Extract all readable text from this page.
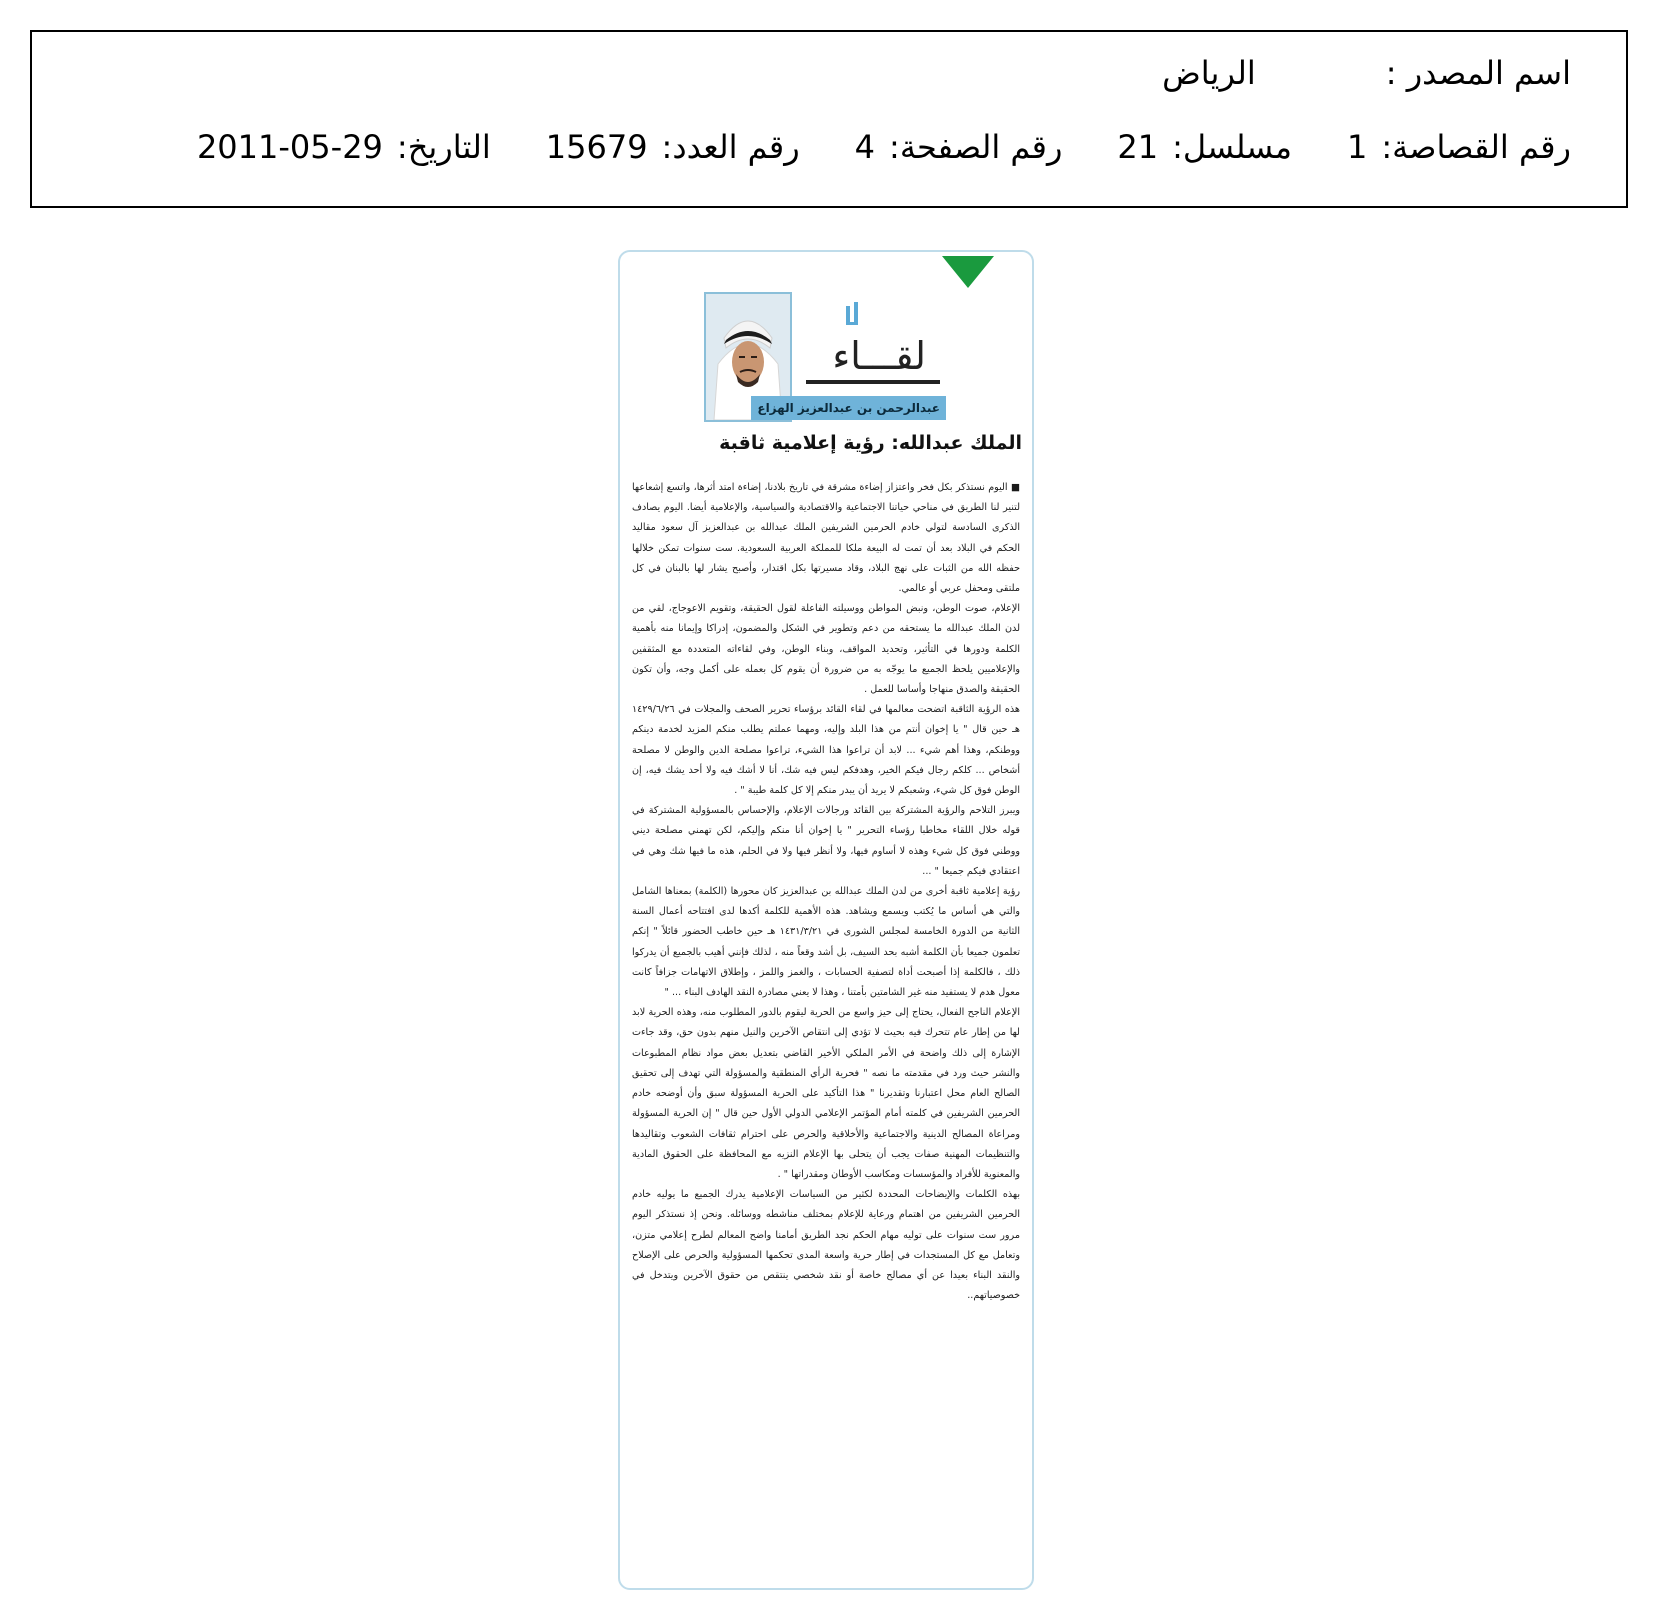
اسم المصدر :
الرياض
التاريخ:
2011-05-29	رقم العدد:
15679	رقم الصفحة:
4	مسلسل:
21	رقم القصاصة:
1
لقـــاء
عبدالرحمن بن عبدالعزيز الهزاع
الملك عبدالله: رؤية إعلامية ثاقبة

■ اليوم نستذكر بكل فخر واعتزاز إضاءة مشرقة في تاريخ بلادنا، إضاءة امتد أثرها، واتسع إشعاعها لتنير لنا الطريق في مناحي حياتنا الاجتماعية والاقتصادية والسياسية، والإعلامية أيضا. اليوم يصادف الذكرى السادسة لتولي خادم الحرمين الشريفين الملك عبدالله بن عبدالعزيز آل سعود مقاليد الحكم في البلاد بعد أن تمت له البيعة ملكا للمملكة العربية السعودية. ست سنوات تمكن خلالها حفظه الله من الثبات على نهج البلاد، وقاد مسيرتها بكل اقتدار، وأصبح يشار لها بالبنان في كل ملتقى ومحفل عربي أو عالمي.

الإعلام، صوت الوطن، ونبض المواطن ووسيلته الفاعلة لقول الحقيقة، وتقويم الاعوجاج، لقي من لدن الملك عبدالله ما يستحقه من دعم وتطوير في الشكل والمضمون، إدراكا وإيمانا منه بأهمية الكلمة ودورها في التأثير، وتحديد المواقف، وبناء الوطن، وفي لقاءاته المتعددة مع المثقفين والإعلاميين يلحظ الجميع ما يوجّه به من ضرورة أن يقوم كل بعمله على أكمل وجه، وأن تكون الحقيقة والصدق منهاجا وأساسا للعمل .

هذه الرؤية الثاقبة اتضحت معالمها في لقاء القائد برؤساء تحرير الصحف والمجلات في ١٤٢٩/٦/٢٦ هـ حين قال " يا إخوان أنتم من هذا البلد وإليه، ومهما عملتم يطلب منكم المزيد لخدمة دينكم ووطنكم، وهذا أهم شيء ... لابد أن تراعوا هذا الشيء، تراعوا مصلحة الدين والوطن لا مصلحة أشخاص ... كلكم رجال فيكم الخير، وهدفكم ليس فيه شك، أنا لا أشك فيه ولا أحد يشك فيه، إن الوطن فوق كل شيء، وشعبكم لا يريد أن يبدر منكم إلا كل كلمة طيبة " .

ويبرز التلاحم والرؤية المشتركة بين القائد ورجالات الإعلام، والإحساس بالمسؤولية المشتركة في قوله خلال اللقاء مخاطبا رؤساء التحرير " يا إخوان أنا منكم وإليكم، لكن تهمني مصلحة ديني ووطني فوق كل شيء وهذه لا أساوم فيها، ولا أنظر فيها ولا في الحلم، هذه ما فيها شك وهي في اعتقادي فيكم جميعا " ...

رؤية إعلامية ثاقبة أخرى من لدن الملك عبدالله بن عبدالعزيز كان محورها (الكلمة) بمعناها الشامل والتي هي أساس ما يُكتب ويسمع ويشاهد. هذه الأهمية للكلمة أكدها لدى افتتاحه أعمال السنة الثانية من الدورة الخامسة لمجلس الشورى في ١٤٣١/٣/٢١ هـ حين خاطب الحضور قائلاً " إنكم تعلمون جميعا بأن الكلمة أشبه بحد السيف، بل أشد وقعاً منه ، لذلك فإنني أهيب بالجميع أن يدركوا ذلك ، فالكلمة إذا أصبحت أداة لتصفية الحسابات ، والغمز واللمز ، وإطلاق الاتهامات جزافاً كانت معول هدم لا يستفيد منه غير الشامتين بأمتنا ، وهذا لا يعني مصادرة النقد الهادف البناء ... "

الإعلام الناجح الفعال، يحتاج إلى حيز واسع من الحرية ليقوم بالدور المطلوب منه، وهذه الحرية لابد لها من إطار عام تتحرك فيه بحيث لا تؤدي إلى انتقاص الآخرين والنيل منهم بدون حق، وقد جاءت الإشارة إلى ذلك واضحة في الأمر الملكي الأخير القاضي بتعديل بعض مواد نظام المطبوعات والنشر حيث ورد في مقدمته ما نصه " فحرية الرأي المنطقية والمسؤولة التي تهدف إلى تحقيق الصالح العام محل اعتبارنا وتقديرنا " هذا التأكيد على الحرية المسؤولة سبق وأن أوضحه خادم الحرمين الشريفين في كلمته أمام المؤتمر الإعلامي الدولي الأول حين قال " إن الحرية المسؤولة ومراعاة المصالح الدينية والاجتماعية والأخلاقية والحرص على احترام ثقافات الشعوب وتقاليدها والتنظيمات المهنية صفات يجب أن يتحلى بها الإعلام النزيه مع المحافظة على الحقوق المادية والمعنوية للأفراد والمؤسسات ومكاسب الأوطان ومقدراتها " .

بهذه الكلمات والإيضاحات المحددة لكثير من السياسات الإعلامية يدرك الجميع ما يوليه خادم الحرمين الشريفين من اهتمام ورعاية للإعلام بمختلف مناشطه ووسائله. ونحن إذ نستذكر اليوم مرور ست سنوات على توليه مهام الحكم نجد الطريق أمامنا واضح المعالم لطرح إعلامي متزن، وتعامل مع كل المستجدات في إطار حرية واسعة المدى تحكمها المسؤولية والحرص على الإصلاح والنقد البناء بعيدا عن أي مصالح خاصة أو نقد شخصي ينتقص من حقوق الآخرين ويتدخل في خصوصياتهم..
